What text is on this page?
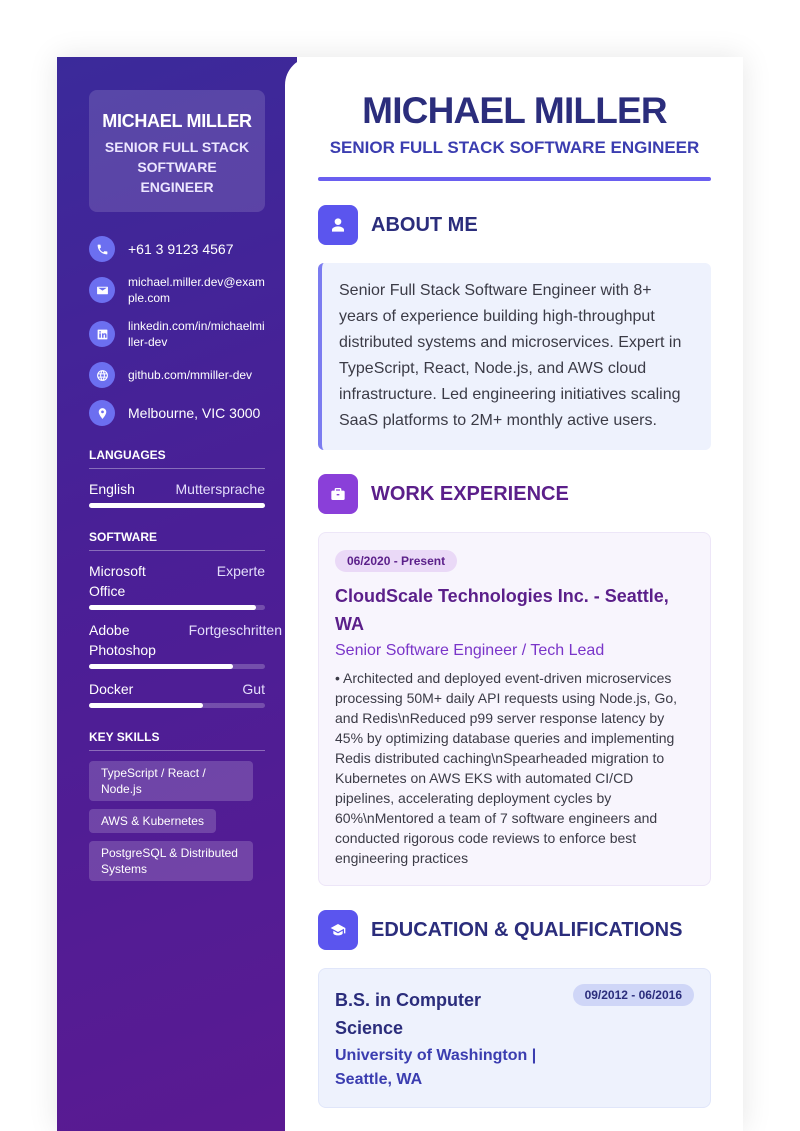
MICHAEL MILLER
SENIOR FULL STACK SOFTWARE ENGINEER
+61 3 9123 4567
michael.miller.dev@example.com
linkedin.com/in/michaelmiller-dev
github.com/mmiller-dev
Melbourne, VIC 3000
LANGUAGES
English	Muttersprache
SOFTWARE
Microsoft Office
Experte
Adobe Photoshop
Fortgeschritten
Docker	Gut
KEY SKILLS
TypeScript / React / Node.js AWS & Kubernetes PostgreSQL & Distributed Systems
MICHAEL MILLER
SENIOR FULL STACK SOFTWARE ENGINEER
ABOUT ME
Senior Full Stack Software Engineer with 8+ years of experience building high-throughput distributed systems and microservices. Expert in TypeScript, React, Node.js, and AWS cloud infrastructure. Led engineering initiatives scaling SaaS platforms to 2M+ monthly active users.
WORK EXPERIENCE
06/2020 - Present
CloudScale Technologies Inc. - Seattle, WA
Senior Software Engineer / Tech Lead
• Architected and deployed event-driven microservices processing 50M+ daily API requests using Node.js, Go, and Redis\nReduced p99 server response latency by 45% by optimizing database queries and implementing Redis distributed caching\nSpearheaded migration to Kubernetes on AWS EKS with automated CI/CD pipelines, accelerating deployment cycles by 60%\nMentored a team of 7 software engineers and conducted rigorous code reviews to enforce best engineering practices
EDUCATION & QUALIFICATIONS
09/2012 - 06/2016
B.S. in Computer Science
University of Washington | Seattle, WA
